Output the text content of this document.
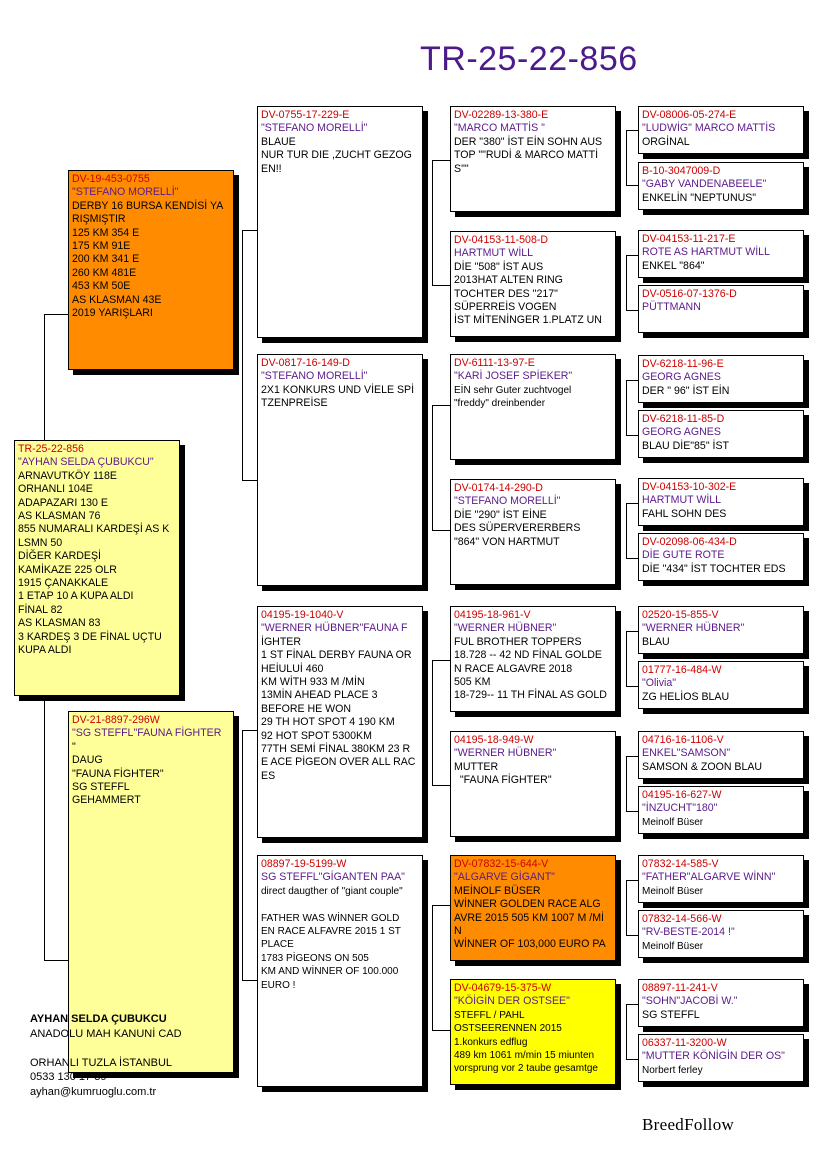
TR-25-22-856
TR-25-22-856
"AYHAN SELDA ÇUBUKCU"
ARNAVUTKÖY 118E
ORHANLI 104E
ADAPAZARI 130 E
AS KLASMAN 76
855 NUMARALI KARDEŞİ AS K
LSMN 50
DİĞER KARDEŞİ
KAMİKAZE 225 OLR
1915 ÇANAKKALE
1 ETAP 10 A KUPA ALDI
FİNAL 82
AS KLASMAN 83
3 KARDEŞ 3 DE FİNAL UÇTU
KUPA ALDI
DV-19-453-0755
"STEFANO MORELLİ"
DERBY 16 BURSA KENDİSİ YA
RIŞMIŞTIR
125 KM 354 E
175 KM 91E
200 KM 341 E
260 KM 481E
453 KM 50E
AS KLASMAN 43E
2019 YARIŞLARI
DV-21-8897-296W
"SG STEFFL"FAUNA FİGHTER
"
DAUG
"FAUNA FİGHTER"
SG STEFFL
GEHAMMERT
DV-0755-17-229-E
"STEFANO MORELLİ"
BLAUE
NUR TUR DIE ,ZUCHT GEZOG
EN!!
DV-0817-16-149-D
"STEFANO MORELLİ"
2X1 KONKURS UND VİELE SPİ
TZENPREİSE
04195-19-1040-V
"WERNER HÜBNER"FAUNA F
İGHTER
1 ST FİNAL DERBY FAUNA OR
HEİULUİ 460
KM WİTH 933 M /MİN
13MİN AHEAD PLACE 3
BEFORE HE WON
29 TH HOT SPOT 4 190 KM
92 HOT SPOT 5300KM
77TH SEMİ FİNAL 380KM 23 R
E ACE PİGEON OVER ALL RAC
ES
08897-19-5199-W
SG STEFFL"GİGANTEN PAA"
direct daugther of "giant couple"

FATHER WAS WİNNER GOLD
EN RACE ALFAVRE 2015 1 ST
PLACE
1783 PİGEONS ON 505
KM AND WİNNER OF 100.000
EURO !
DV-02289-13-380-E
"MARCO MATTİS "
DER "380" İST EİN SOHN AUS
TOP ""RUDİ & MARCO MATTİ
S""
DV-04153-11-508-D
HARTMUT WİLL
DİE "508" İST AUS
2013HAT ALTEN RING
TOCHTER DES "217"
SÜPERREİS VOGEN
İST MİTENİNGER 1.PLATZ UN
DV-6111-13-97-E
"KARİ JOSEF SPİEKER"
EİN sehr Guter zuchtvogel
"freddy" dreinbender
DV-0174-14-290-D
"STEFANO MORELLİ"
DİE "290" İST EİNE
DES SÜPERVERERBERS
"864" VON HARTMUT
04195-18-961-V
"WERNER HÜBNER"
FUL BROTHER TOPPERS
18.728 -- 42 ND FİNAL GOLDE
N RACE ALGAVRE 2018
505 KM
18-729-- 11 TH FİNAL AS GOLD
04195-18-949-W
"WERNER HÜBNER"
MUTTER
"FAUNA FİGHTER"
DV-07832-15-644-V
"ALGARVE GİGANT"
MEİNOLF BÜSER
WİNNER GOLDEN RACE ALG
AVRE 2015 505 KM 1007 M /Mİ
N
WİNNER OF 103,000 EURO PA
DV-04679-15-375-W
"KÖİGİN DER OSTSEE"
STEFFL / PAHL
OSTSEERENNEN 2015
1.konkurs edflug
489 km 1061 m/min 15 miunten
vorsprung vor 2 taube gesamtge
DV-08006-05-274-E
"LUDWİG" MARCO MATTİS
ORGİNAL
B-10-3047009-D
"GABY VANDENABEELE"
ENKELİN "NEPTUNUS"
DV-04153-11-217-E
ROTE AS HARTMUT WİLL
ENKEL "864"
DV-0516-07-1376-D
PÜTTMANN
DV-6218-11-96-E
GEORG AGNES
DER " 96" İST EİN
DV-6218-11-85-D
GEORG AGNES
BLAU DİE"85" İST
DV-04153-10-302-E
HARTMUT WİLL
FAHL SOHN DES
DV-02098-06-434-D
DİE GUTE ROTE
DİE "434" İST TOCHTER EDS
02520-15-855-V
"WERNER HÜBNER"
BLAU
01777-16-484-W
"Olivia"
ZG HELİOS BLAU
04716-16-1106-V
ENKEL"SAMSON"
SAMSON & ZOON BLAU
04195-16-627-W
"İNZUCHT"180"
Meinolf Büser
07832-14-585-V
"FATHER"ALGARVE WİNN"
Meinolf Büser
07832-14-566-W
"RV-BESTE-2014 !"
Meinolf Büser
08897-11-241-V
"SOHN"JACOBİ W."
SG STEFFL
06337-11-3200-W
"MUTTER KÖNİGİN DER OS"
Norbert ferley
AYHAN SELDA ÇUBUKCU
ANADOLU MAH KANUNİ CAD

ORHANLI TUZLA İSTANBUL
0533 130 17 39
ayhan@kumruoglu.com.tr
BreedFollow
